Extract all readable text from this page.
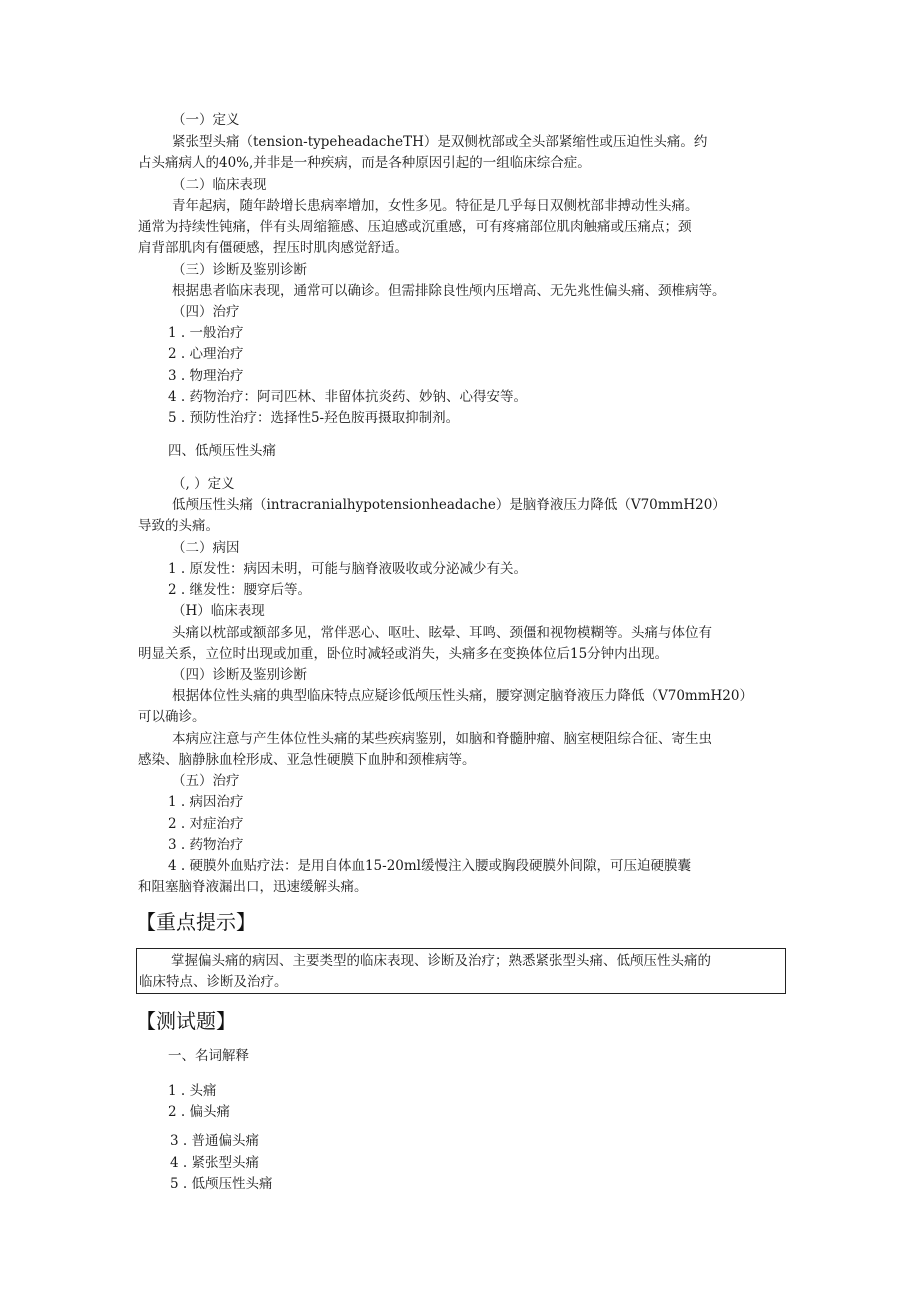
（一）定义
紧张型头痛（tension-typeheadacheTH）是双侧枕部或全头部紧缩性或压迫性头痛。约
占头痛病人的40%,并非是一种疾病，而是各种原因引起的一组临床综合症。
（二）临床表现
青年起病，随年龄增长患病率增加，女性多见。特征是几乎每日双侧枕部非搏动性头痛。
通常为持续性钝痛，伴有头周缩箍感、压迫感或沉重感，可有疼痛部位肌肉触痛或压痛点；颈
肩背部肌肉有僵硬感，捏压时肌肉感觉舒适。
（三）诊断及鉴别诊断
根据患者临床表现，通常可以确诊。但需排除良性颅内压增高、无先兆性偏头痛、颈椎病等。
（四）治疗
1 . 一般治疗
2 . 心理治疗
3 . 物理治疗
4 . 药物治疗：阿司匹林、非留体抗炎药、妙钠、心得安等。
5 . 预防性治疗：选择性5-羟色胺再摄取抑制剂。
四、低颅压性头痛
（, ）定义
低颅压性头痛（intracranialhypotensionheadache）是脑脊液压力降低（V70mmH20）
导致的头痛。
（二）病因
1 . 原发性：病因未明，可能与脑脊液吸收或分泌减少有关。
2 . 继发性：腰穿后等。
（H）临床表现
头痛以枕部或额部多见，常伴恶心、呕吐、眩晕、耳鸣、颈僵和视物模糊等。头痛与体位有
明显关系，立位时出现或加重，卧位时减轻或消失，头痛多在变换体位后15分钟内出现。
（四）诊断及鉴别诊断
根据体位性头痛的典型临床特点应疑诊低颅压性头痛，腰穿测定脑脊液压力降低（V70mmH20）
可以确诊。
本病应注意与产生体位性头痛的某些疾病鉴别，如脑和脊髓肿瘤、脑室梗阻综合征、寄生虫
感染、脑静脉血栓形成、亚急性硬膜下血肿和颈椎病等。
（五）治疗
1 . 病因治疗
2 . 对症治疗
3 . 药物治疗
4 . 硬膜外血贴疗法：是用自体血15-20ml缓慢注入腰或胸段硬膜外间隙，可压迫硬膜囊
和阻塞脑脊液漏出口，迅速缓解头痛。
【重点提示】
掌握偏头痛的病因、主要类型的临床表现、诊断及治疗；熟悉紧张型头痛、低颅压性头痛的
临床特点、诊断及治疗。
【测试题】
一、名词解释
1 . 头痛
2 . 偏头痛
3 . 普通偏头痛
4 . 紧张型头痛
5 . 低颅压性头痛
